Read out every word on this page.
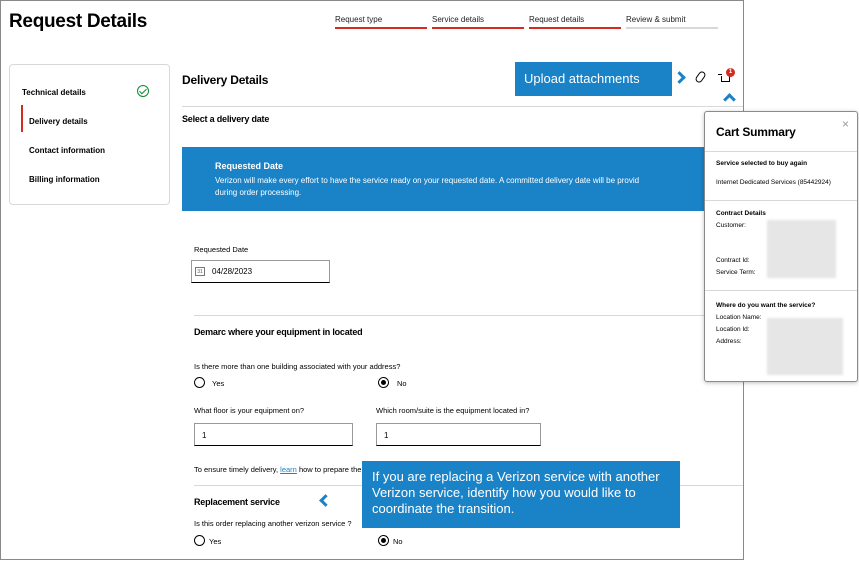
Request Details	Request type	Service details	Request details	Review & submit
Technical details
Delivery details
Contact information
Billing information
Delivery Details
Select a delivery date
Requested Date
Verizon will make every effort to have the service ready on your requested date. A committed delivery date will be provid
during order processing.
Requested Date
31 04/28/2023
Demarc where your equipment in located
Is there more than one building associated with your address?
Yes	No
What floor is your equipment on?
1
Which room/suite is the equipment located in?
1
To ensure timely delivery, learn how to prepare the
Replacement service
Is this order replacing another verizon service ?
Yes	No
Upload attachments	1
Cart Summary
×
Service selected to buy again
Internet Dedicated Services (85442924)
Contract Details
Customer:
Contract Id:
Service Term:
Where do you want the service?
Location Name:
Location Id:
Address:
If you are replacing a Verizon service with another Verizon service, identify how you would like to coordinate the transition.
